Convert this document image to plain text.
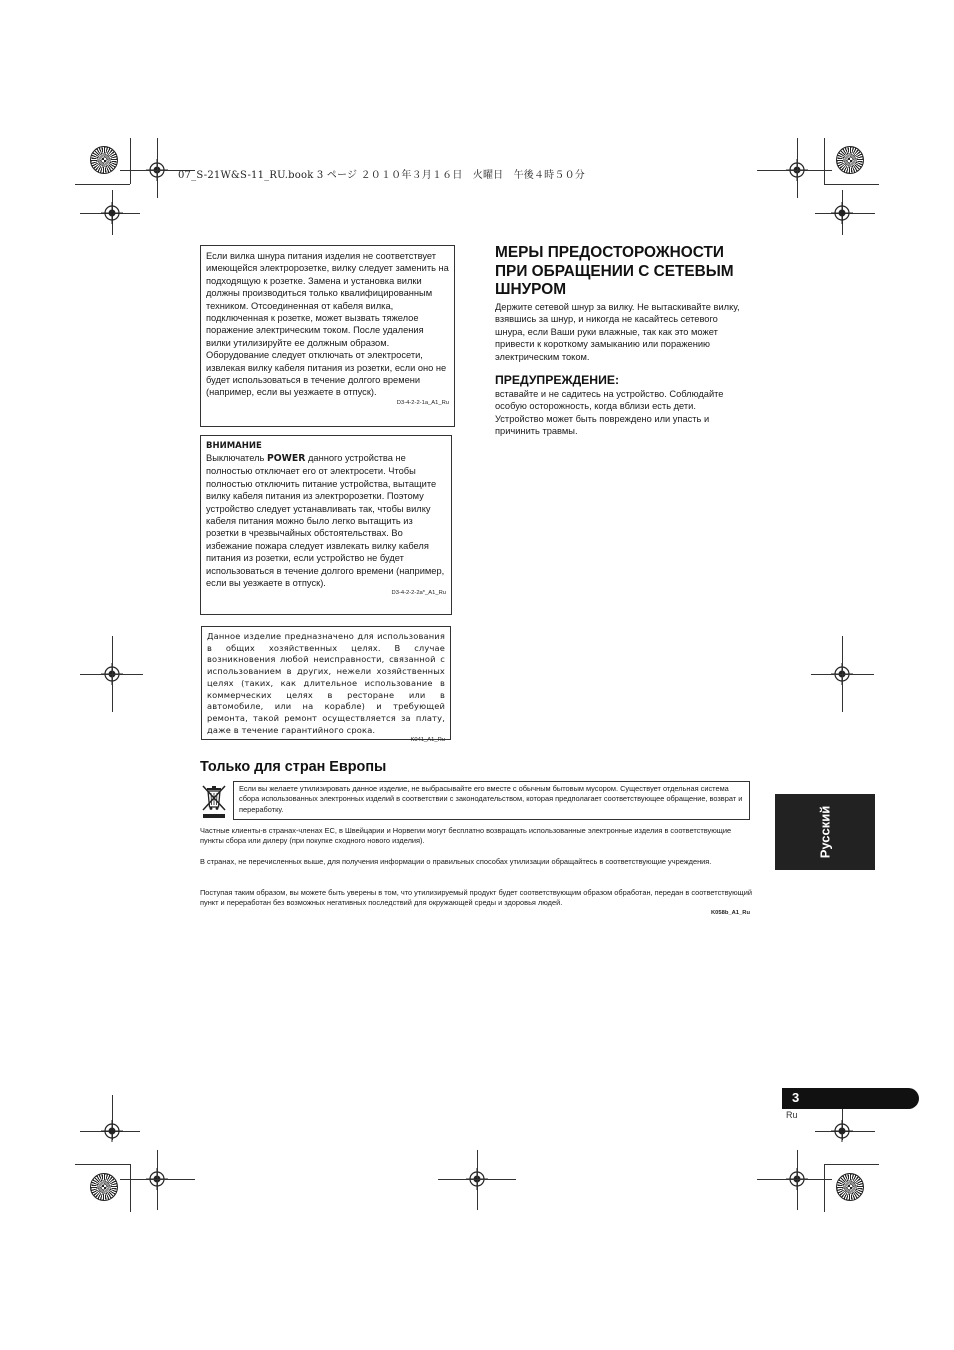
07_S-21W&S-11_RU.book 3 ページ ２０１０年３月１６日　火曜日　午後４時５０分

Если вилка шнура питания изделия не соответствует имеющейся электророзетке, вилку следует заменить на подходящую к розетке. Замена и установка вилки должны производиться только квалифицированным техником. Отсоединенная от кабеля вилка, подключенная к розетке, может вызвать тяжелое поражение электрическим током. После удаления вилки утилизируйте ее должным образом. Оборудование следует отключать от электросети, извлекая вилку кабеля питания из розетки, если оно не будет использоваться в течение долгого времени (например, если вы уезжаете в отпуск).

D3-4-2-2-1a_A1_Ru
ВНИМАНИЕ

Выключатель POWER данного устройства не полностью отключает его от электросети. Чтобы полностью отключить питание устройства, вытащите вилку кабеля питания из электророзетки. Поэтому устройство следует устанавливать так, чтобы вилку кабеля питания можно было легко вытащить из розетки в чрезвычайных обстоятельствах. Во избежание пожара следует извлекать вилку кабеля питания из розетки, если устройство не будет использоваться в течение долгого времени (например, если вы уезжаете в отпуск).

D3-4-2-2-2a*_A1_Ru

Данное изделие предназначено для использования в общих хозяйственных целях. В случае возникновения любой неисправности, связанной с использованием в других, нежели хозяйственных целях (таких, как длительное использование в коммерческих целях в ресторане или в автомобиле, или на корабле) и требующей ремонта, такой ремонт осуществляется за плату, даже в течение гарантийного срока.

K041_A1_Ru
МЕРЫ ПРЕДОСТОРОЖНОСТИ ПРИ ОБРАЩЕНИИ С СЕТЕВЫМ ШНУРОМ
Держите сетевой шнур за вилку. Не вытаскивайте вилку, взявшись за шнур, и никогда не касайтесь сетевого шнура, если Ваши руки влажные, так как это может привести к короткому замыканию или поражению электрическим током.
ПРЕДУПРЕЖДЕНИЕ:
вставайте и не садитесь на устройство. Соблюдайте особую осторожность, когда вблизи есть дети. Устройство может быть повреждено или упасть и причинить травмы.
Только для стран Европы
Если вы желаете утилизировать данное изделие, не выбрасывайте его вместе с обычным бытовым мусором. Существует отдельная система сбора использованных электронных изделий в соответствии с законодательством, которая предполагает соответствующее обращение, возврат и переработку.
Частные клиенты-в странах-членах ЕС, в Швейцарии и Норвегии могут бесплатно возвращать использованные электронные изделия в соответствующие пункты сбора или дилеру (при покупке сходного нового изделия).
В странах, не перечисленных выше, для получения информации о правильных способах утилизации обращайтесь в соответствующие учреждения.
Поступая таким образом, вы можете быть уверены в том, что утилизируемый продукт будет соответствующим образом обработан, передан в соответствующий пункт и переработан без возможных негативных последствий для окружающей среды и здоровья людей.
K058b_A1_Ru
Русский
3
Ru
